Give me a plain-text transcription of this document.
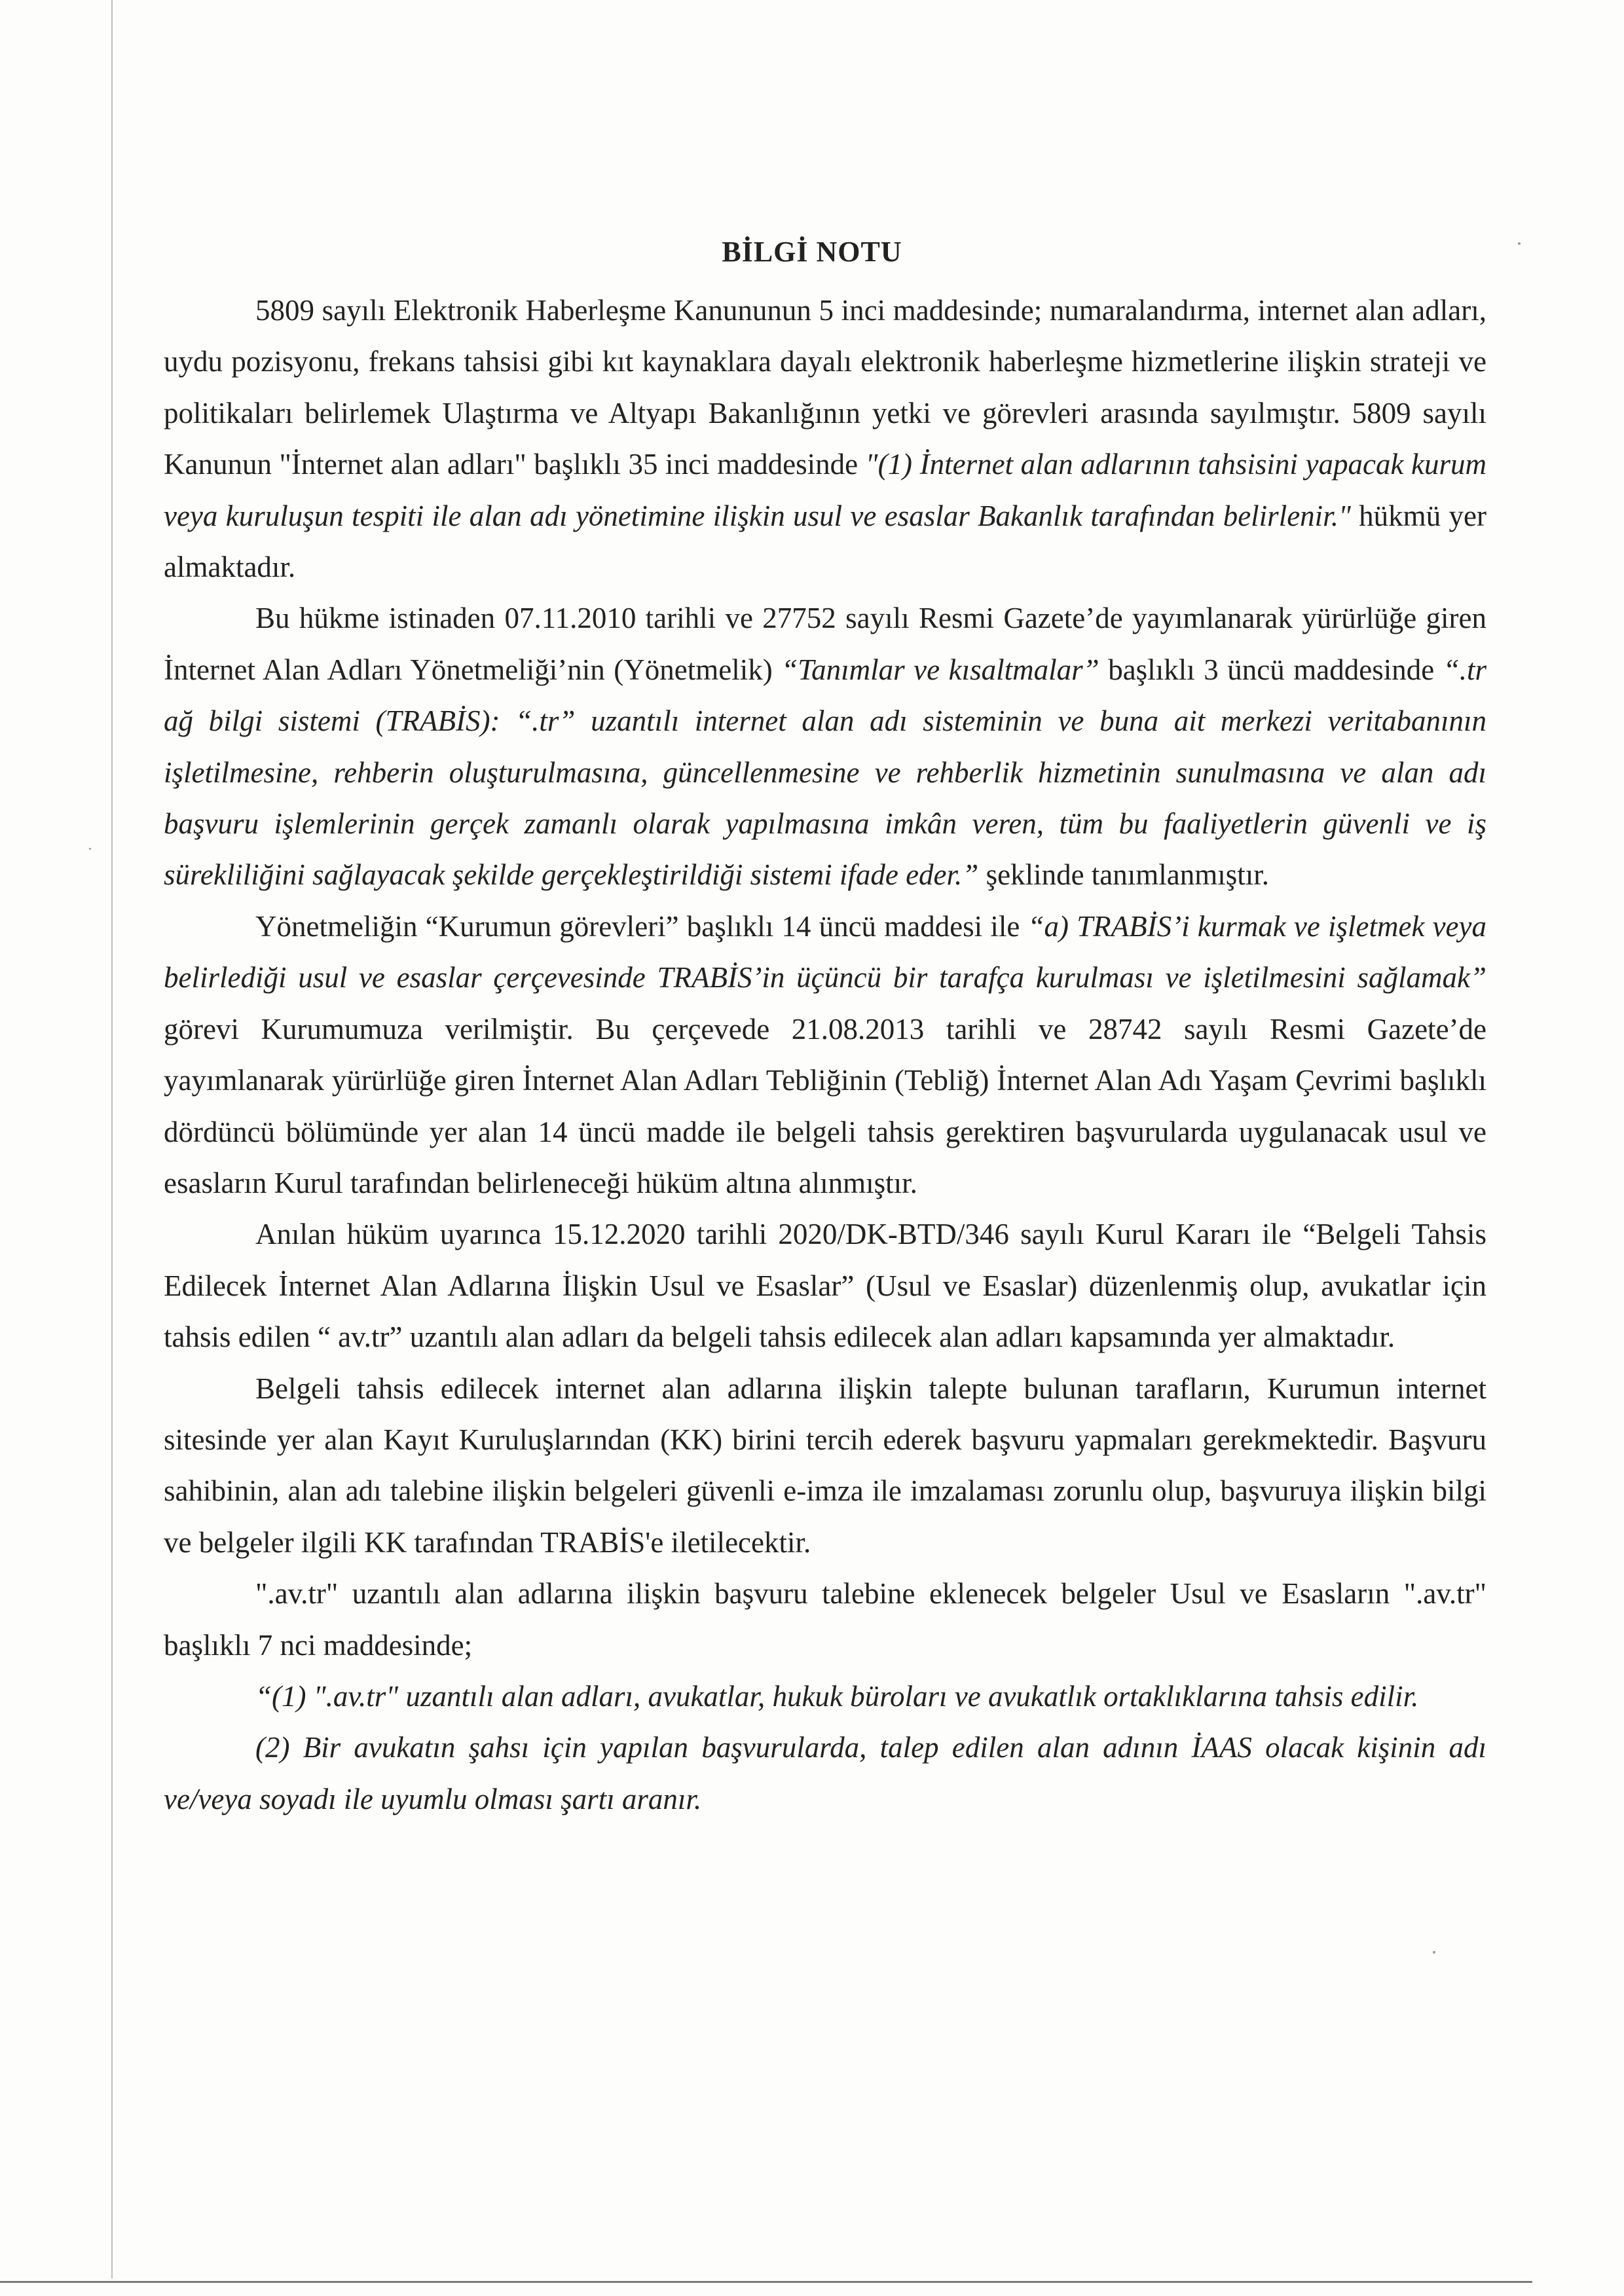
BİLGİ NOTU

5809 sayılı Elektronik Haberleşme Kanununun 5 inci maddesinde; numaralandırma, internet alan adları, uydu pozisyonu, frekans tahsisi gibi kıt kaynaklara dayalı elektronik haberleşme hizmetlerine ilişkin strateji ve politikaları belirlemek Ulaştırma ve Altyapı Bakanlığının yetki ve görevleri arasında sayılmıştır. 5809 sayılı Kanunun "İnternet alan adları" başlıklı 35 inci maddesinde "(1) İnternet alan adlarının tahsisini yapacak kurum veya kuruluşun tespiti ile alan adı yönetimine ilişkin usul ve esaslar Bakanlık tarafından belirlenir." hükmü yer almaktadır.

Bu hükme istinaden 07.11.2010 tarihli ve 27752 sayılı Resmi Gazete’de yayımlanarak yürürlüğe giren İnternet Alan Adları Yönetmeliği’nin (Yönetmelik) “Tanımlar ve kısaltmalar” başlıklı 3 üncü maddesinde “.tr ağ bilgi sistemi (TRABİS): “.tr” uzantılı internet alan adı sisteminin ve buna ait merkezi veritabanının işletilmesine, rehberin oluşturulmasına, güncellenmesine ve rehberlik hizmetinin sunulmasına ve alan adı başvuru işlemlerinin gerçek zamanlı olarak yapılmasına imkân veren, tüm bu faaliyetlerin güvenli ve iş sürekliliğini sağlayacak şekilde gerçekleştirildiği sistemi ifade eder.” şeklinde tanımlanmıştır.

Yönetmeliğin “Kurumun görevleri” başlıklı 14 üncü maddesi ile “a) TRABİS’i kurmak ve işletmek veya belirlediği usul ve esaslar çerçevesinde TRABİS’in üçüncü bir tarafça kurulması ve işletilmesini sağlamak” görevi Kurumumuza verilmiştir. Bu çerçevede 21.08.2013 tarihli ve 28742 sayılı Resmi Gazete’de yayımlanarak yürürlüğe giren İnternet Alan Adları Tebliğinin (Tebliğ) İnternet Alan Adı Yaşam Çevrimi başlıklı dördüncü bölümünde yer alan 14 üncü madde ile belgeli tahsis gerektiren başvurularda uygulanacak usul ve esasların Kurul tarafından belirleneceği hüküm altına alınmıştır.

Anılan hüküm uyarınca 15.12.2020 tarihli 2020/DK-BTD/346 sayılı Kurul Kararı ile “Belgeli Tahsis Edilecek İnternet Alan Adlarına İlişkin Usul ve Esaslar” (Usul ve Esaslar) düzenlenmiş olup, avukatlar için tahsis edilen “ av.tr” uzantılı alan adları da belgeli tahsis edilecek alan adları kapsamında yer almaktadır.

Belgeli tahsis edilecek internet alan adlarına ilişkin talepte bulunan tarafların, Kurumun internet sitesinde yer alan Kayıt Kuruluşlarından (KK) birini tercih ederek başvuru yapmaları gerekmektedir. Başvuru sahibinin, alan adı talebine ilişkin belgeleri güvenli e-imza ile imzalaması zorunlu olup, başvuruya ilişkin bilgi ve belgeler ilgili KK tarafından TRABİS'e iletilecektir.

".av.tr" uzantılı alan adlarına ilişkin başvuru talebine eklenecek belgeler Usul ve Esasların ".av.tr" başlıklı 7 nci maddesinde;

“(1) ".av.tr" uzantılı alan adları, avukatlar, hukuk büroları ve avukatlık ortaklıklarına tahsis edilir.

(2) Bir avukatın şahsı için yapılan başvurularda, talep edilen alan adının İAAS olacak kişinin adı ve/veya soyadı ile uyumlu olması şartı aranır.
